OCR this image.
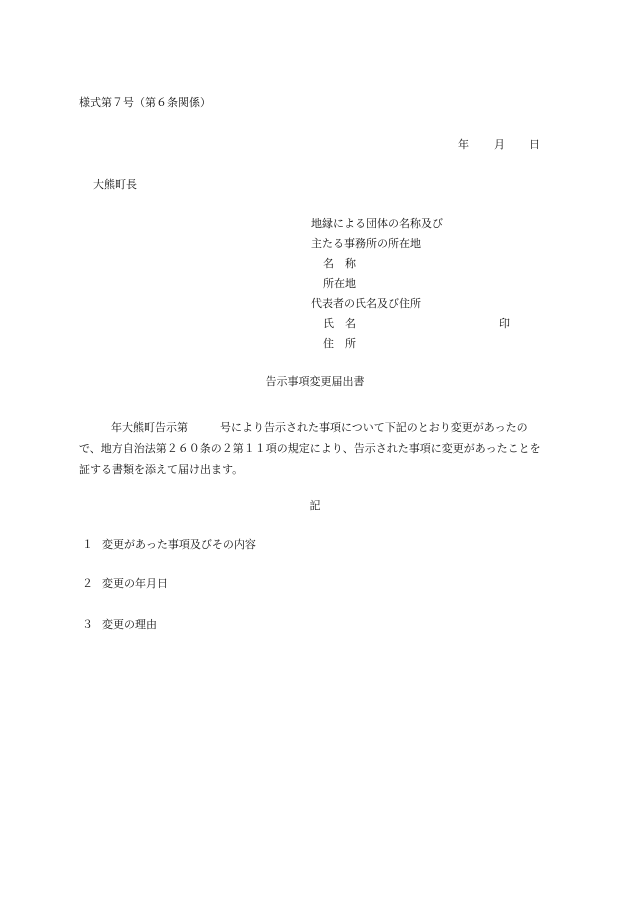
様式第７号（第６条関係）
年 月 日
大熊町長
地縁による団体の名称及び
主たる事務所の所在地
名　称
所在地
代表者の氏名及び住所
氏　名	印
住　所
告示事項変更届出書
年大熊町告示第	号により告示された事項について下記のとおり変更があったので、地方自治法第２６０条の２第１１項の規定により、告示された事項に変更があったことを証する書類を添えて届け出ます。
記
１ 変更があった事項及びその内容
２ 変更の年月日
３ 変更の理由
